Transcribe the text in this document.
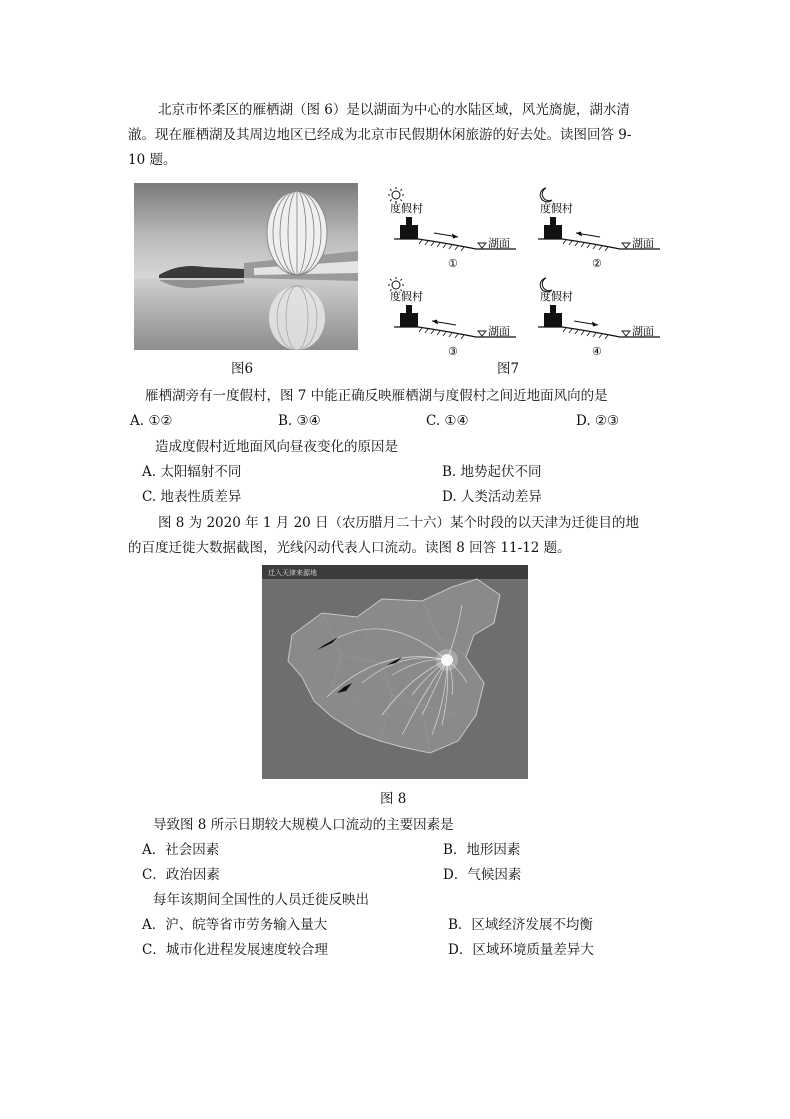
北京市怀柔区的雁栖湖（图 6）是以湖面为中心的水陆区域，风光旖旎，湖水清
澈。现在雁栖湖及其周边地区已经成为北京市民假期休闲旅游的好去处。读图回答 9-
10 题。
度假村
湖面
①
度假村
湖面
②
度假村
湖面
③
度假村
湖面
④
图6	图7
雁栖湖旁有一度假村，图 7 中能正确反映雁栖湖与度假村之间近地面风向的是
A. ①②	B. ③④	C. ①④	D. ②③
造成度假村近地面风向昼夜变化的原因是
A. 太阳辐射不同	B. 地势起伏不同
C. 地表性质差异	D. 人类活动差异
图 8 为 2020 年 1 月 20 日（农历腊月二十六）某个时段的以天津为迁徙目的地
的百度迁徙大数据截图，光线闪动代表人口流动。读图 8 回答 11-12 题。
迁入天津来源地
图 8
导致图 8 所示日期较大规模人口流动的主要因素是
A．社会因素	B．地形因素
C．政治因素	D．气候因素
每年该期间全国性的人员迁徙反映出
A．沪、皖等省市劳务输入量大	B．区域经济发展不均衡
C．城市化进程发展速度较合理	D．区域环境质量差异大
